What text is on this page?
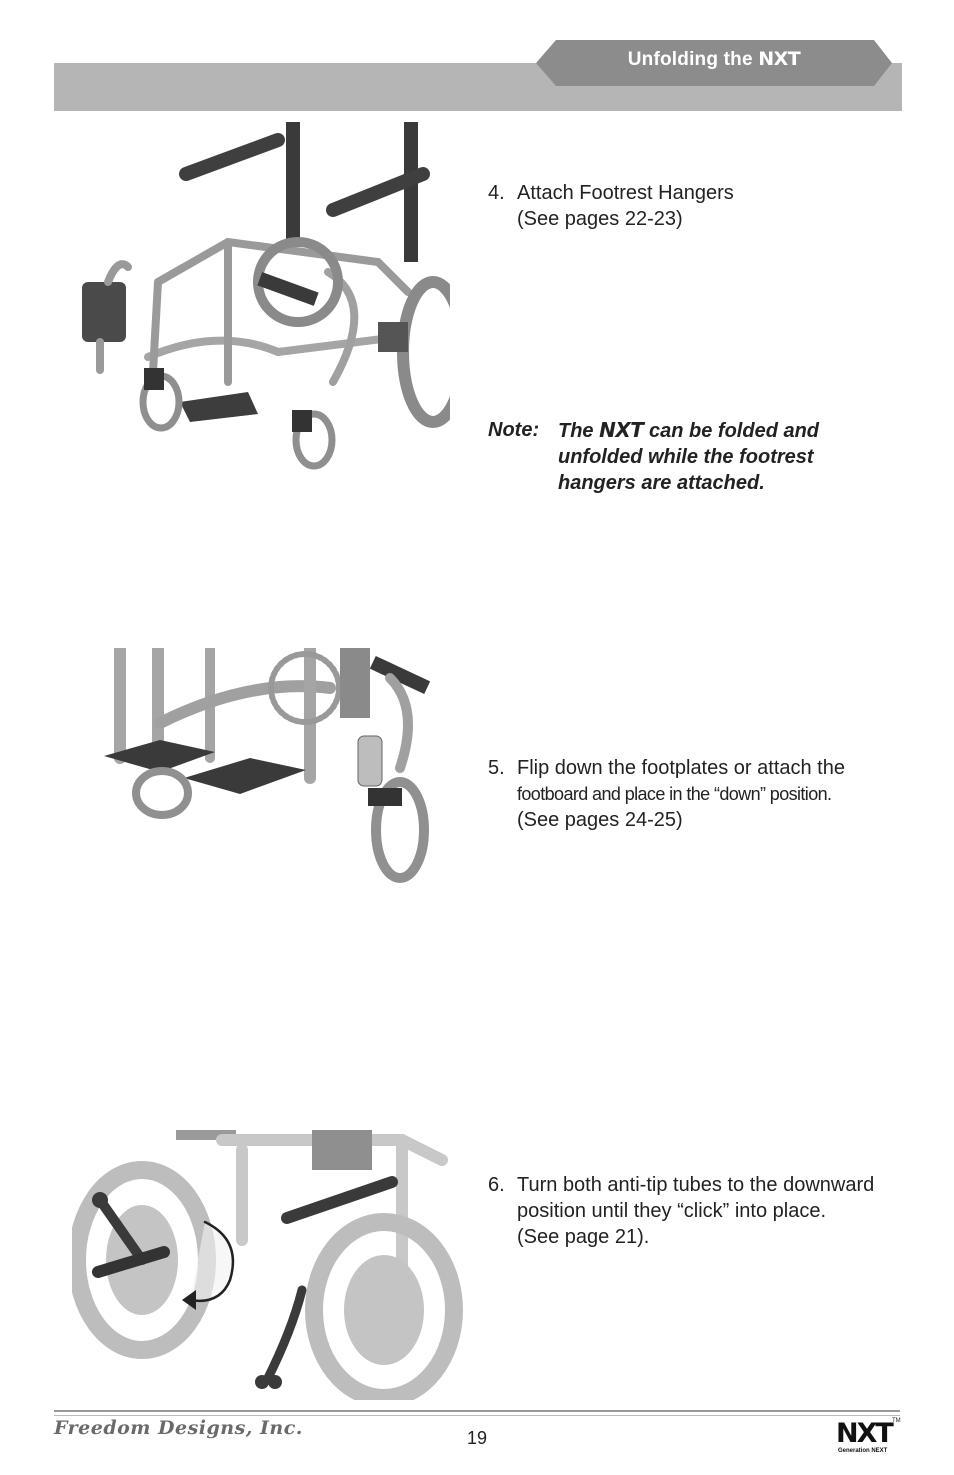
Unfolding the NXT
4. Attach Footrest Hangers
(See pages 22-23)
Note: The NXT can be folded and
unfolded while the footrest
hangers are attached.
5. Flip down the footplates or attach the
footboard and place in the “down” position.
(See pages 24-25)
6. Turn both anti-tip tubes to the downward
position until they “click” into place.
(See page 21).
Freedom Designs, Inc.	19	NXT TM
Generation NEXT
